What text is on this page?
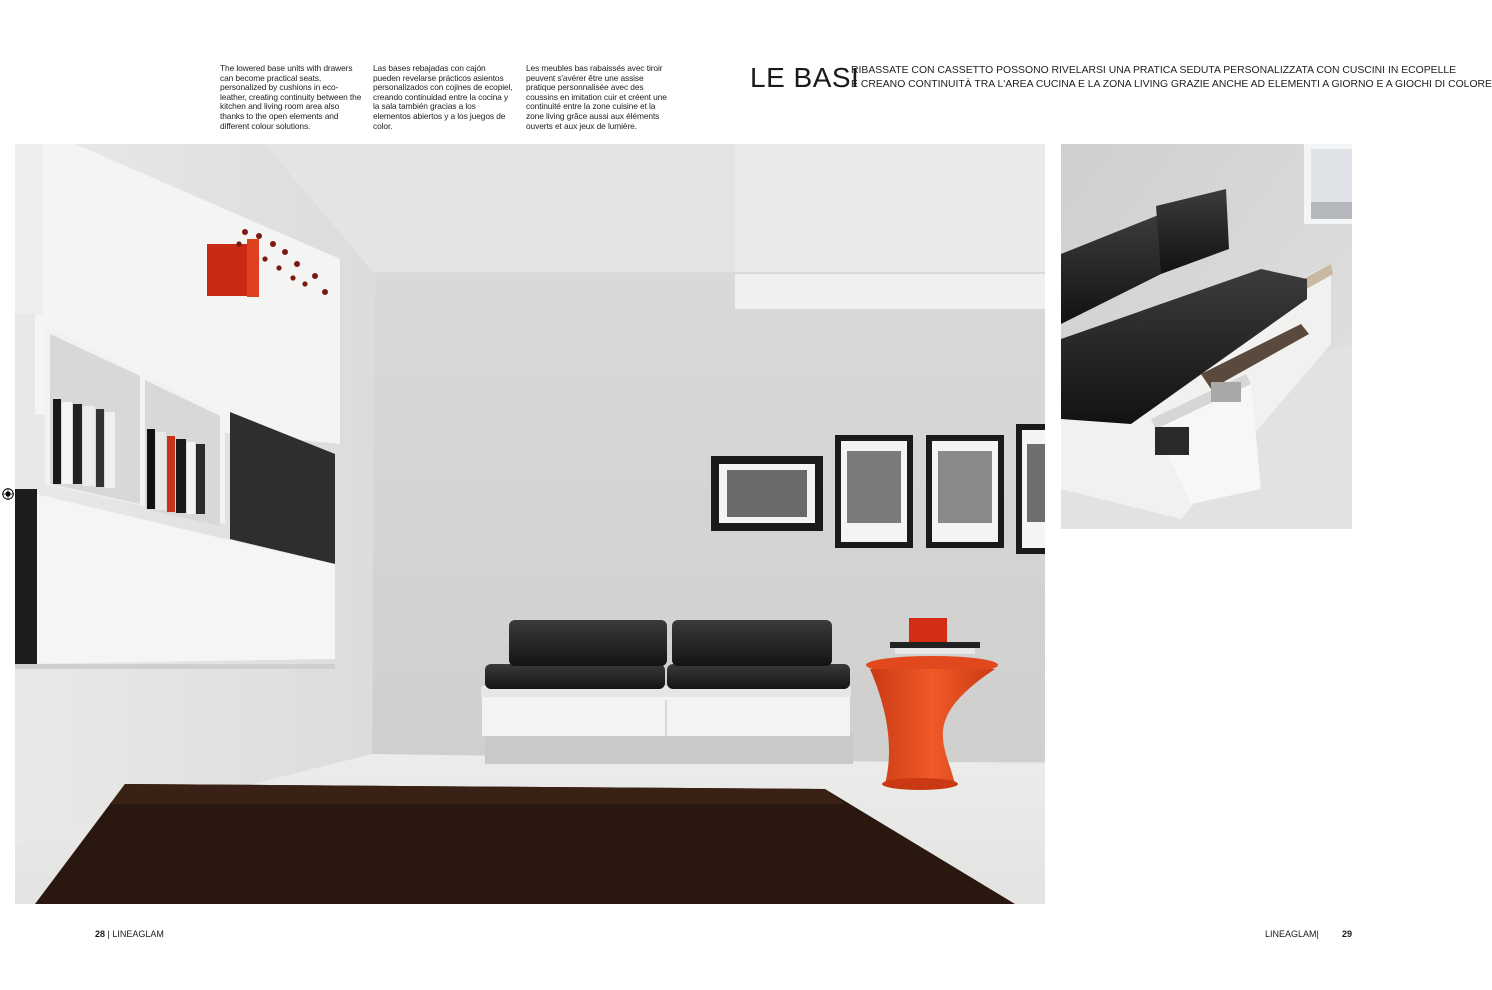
The lowered base units with drawers can become practical seats, personalized by cushions in eco-leather, creating continuity between the kitchen and living room area also thanks to the open elements and different colour solutions.
Las bases rebajadas con cajón pueden revelarse prácticos asientos personalizados con cojines de ecopiel, creando continuidad entre la cocina y la sala también gracias a los elementos abiertos y a los juegos de color.
Les meubles bas rabaissés avec tiroir peuvent s'avérer être une assise pratique personnalisée avec des coussins en imitation cuir et créent une continuité entre la zone cuisine et la zone living grâce aussi aux éléments ouverts et aux jeux de lumière.
LE BASI
RIBASSATE CON CASSETTO POSSONO RIVELARSI UNA PRATICA SEDUTA PERSONALIZZATA CON CUSCINI IN ECOPELLE
E CREANO CONTINUITÀ TRA L'AREA CUCINA E LA ZONA LIVING GRAZIE ANCHE AD ELEMENTI A GIORNO E A GIOCHI DI COLORE
28 | LINEAGLAM	LINEAGLAM|	29
